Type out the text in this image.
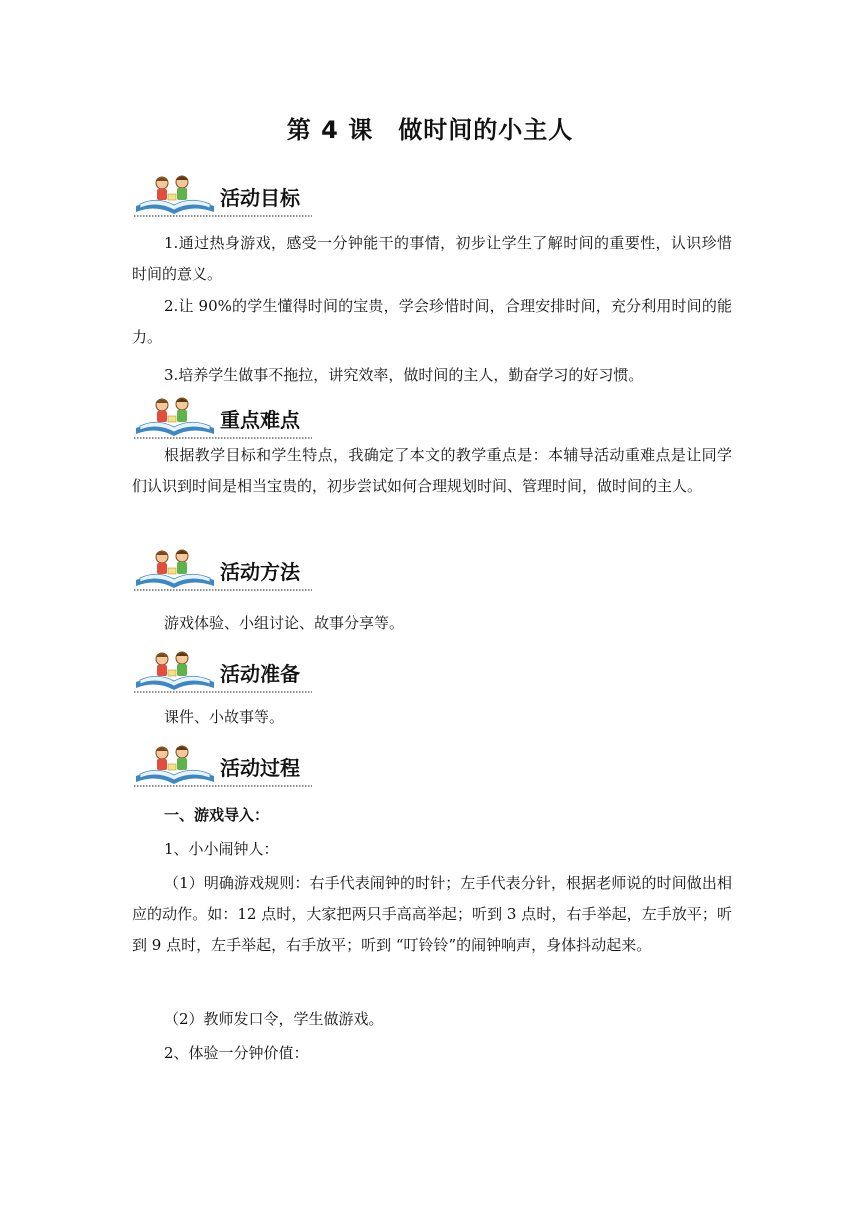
第 4 课　做时间的小主人
活动目标

1.通过热身游戏，感受一分钟能干的事情，初步让学生了解时间的重要性，认识珍惜时间的意义。

2.让 90%的学生懂得时间的宝贵，学会珍惜时间，合理安排时间，充分利用时间的能力。

3.培养学生做事不拖拉，讲究效率，做时间的主人，勤奋学习的好习惯。

重点难点

根据教学目标和学生特点，我确定了本文的教学重点是：本辅导活动重难点是让同学们认识到时间是相当宝贵的，初步尝试如何合理规划时间、管理时间，做时间的主人。

活动方法

游戏体验、小组讨论、故事分享等。

活动准备

课件、小故事等。

活动过程

一、游戏导入：

1、小小闹钟人：

（1）明确游戏规则：右手代表闹钟的时针；左手代表分针，根据老师说的时间做出相应的动作。如：12 点时，大家把两只手高高举起；听到 3 点时，右手举起，左手放平；听到 9 点时，左手举起，右手放平；听到 “叮铃铃”的闹钟响声，身体抖动起来。

（2）教师发口令，学生做游戏。

2、体验一分钟价值：
